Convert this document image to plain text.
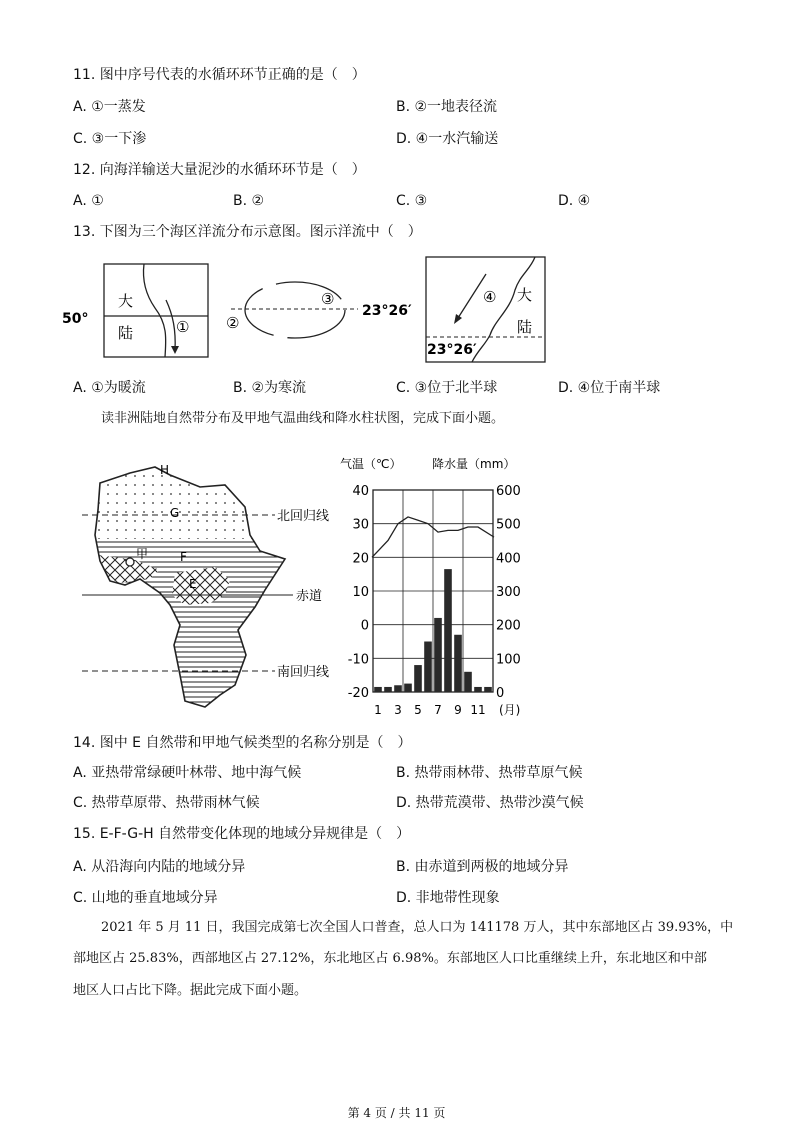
11. 图中序号代表的水循环环节正确的是（　）
A. ①一蒸发	B. ②一地表径流
C. ③一下渗	D. ④一水汽输送
12. 向海洋输送大量泥沙的水循环环节是（　）
A. ①	B. ②	C. ③	D. ④
13. 下图为三个海区洋流分布示意图。图示洋流中（　）
50°
大
陆	① ②
③
23°26′
④ 大
陆
23°26′
A. ①为暖流	B. ②为寒流	C. ③位于北半球	D. ④位于南半球
读非洲陆地自然带分布及甲地气温曲线和降水柱状图，完成下面小题。
H
G
F
E
甲
北回归线
赤道
南回归线
气温（℃）	降水量（mm）
40
30
20
10
0
-10
-20
600
500
400
300
200
100
0
1 3 5 7 9 11 (月)
14. 图中 E 自然带和甲地气候类型的名称分别是（　）
A. 亚热带常绿硬叶林带、地中海气候	B. 热带雨林带、热带草原气候
C. 热带草原带、热带雨林气候	D. 热带荒漠带、热带沙漠气候
15. E-F-G-H 自然带变化体现的地域分异规律是（　）
A. 从沿海向内陆的地域分异	B. 由赤道到两极的地域分异
C. 山地的垂直地域分异	D. 非地带性现象
2021 年 5 月 11 日，我国完成第七次全国人口普查，总人口为 141178 万人，其中东部地区占 39.93%，中
部地区占 25.83%，西部地区占 27.12%，东北地区占 6.98%。东部地区人口比重继续上升，东北地区和中部
地区人口占比下降。据此完成下面小题。
第 4 页 / 共 11 页
